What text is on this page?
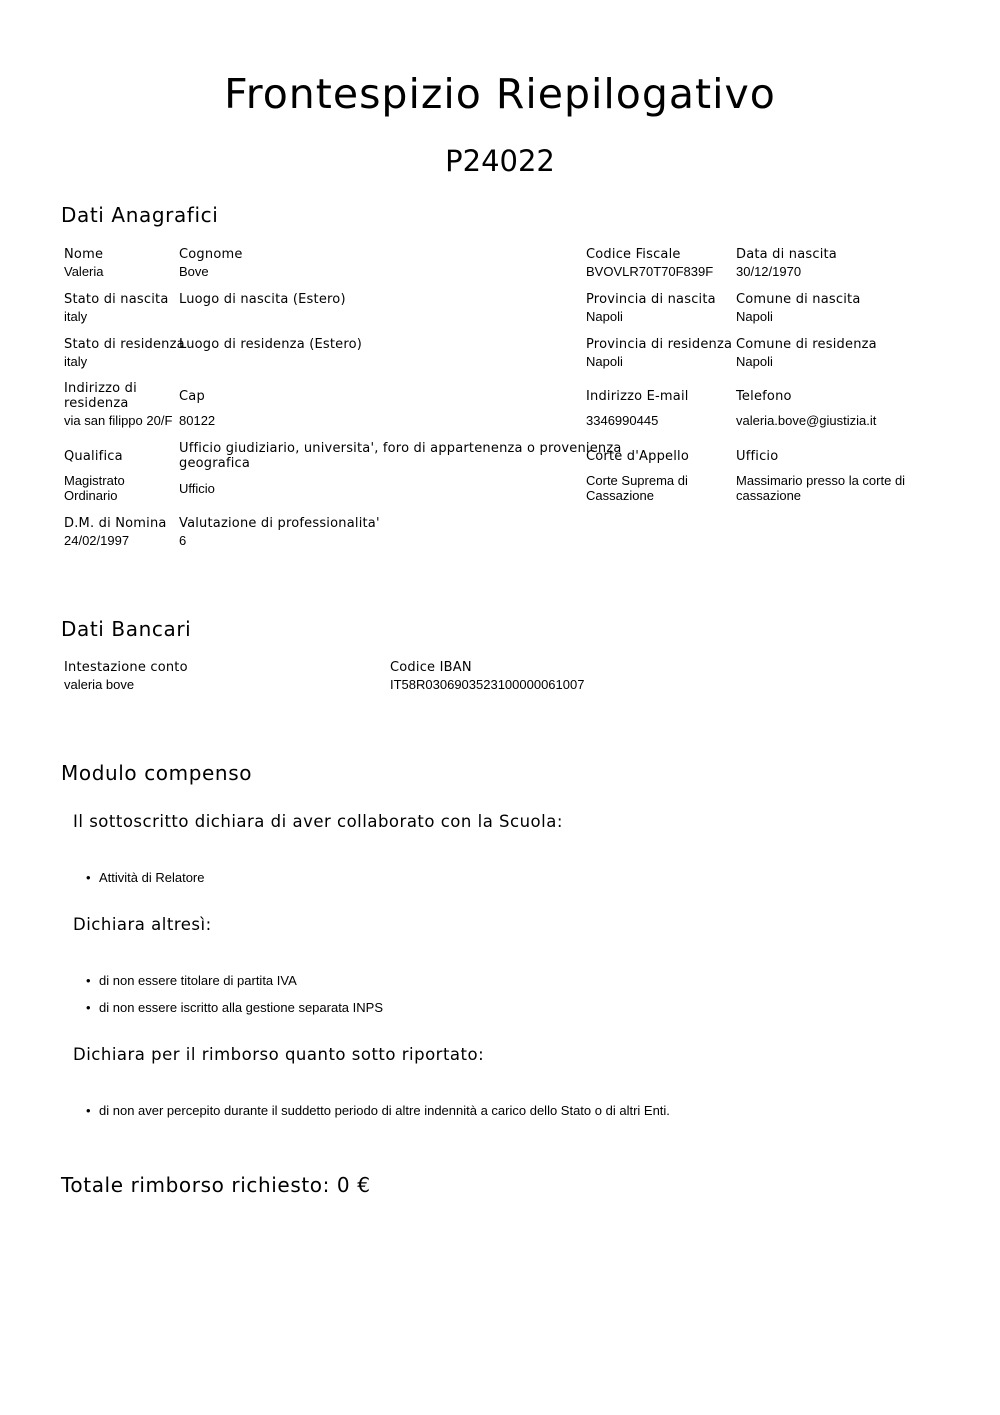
Frontespizio Riepilogativo
P24022
Dati Anagrafici
Nome
Valeria
Cognome
Bove
Codice Fiscale
BVOVLR70T70F839F
Data di nascita
30/12/1970
Stato di nascita
italy
Luogo di nascita (Estero)	Provincia di nascita
Napoli
Comune di nascita
Napoli
Stato di residenza
italy
Luogo di residenza (Estero)	Provincia di residenza
Napoli
Comune di residenza
Napoli
Indirizzo di
residenza
via san filippo 20/F
Cap
80122
Indirizzo E-mail
3346990445
Telefono
valeria.bove@giustizia.it
Qualifica
Magistrato
Ordinario
Ufficio giudiziario, universita', foro di appartenenza o provenienza
geografica
Ufficio
Corte d'Appello
Corte Suprema di
Cassazione
Ufficio
Massimario presso la corte di
cassazione
D.M. di Nomina
24/02/1997
Valutazione di professionalita'
6
Dati Bancari
Intestazione conto
valeria bove
Codice IBAN
IT58R0306903523100000061007
Modulo compenso
Il sottoscritto dichiara di aver collaborato con la Scuola:
• Attività di Relatore
Dichiara altresì:
• di non essere titolare di partita IVA
• di non essere iscritto alla gestione separata INPS
Dichiara per il rimborso quanto sotto riportato:
• di non aver percepito durante il suddetto periodo di altre indennità a carico dello Stato o di altri Enti.
Totale rimborso richiesto: 0 €
